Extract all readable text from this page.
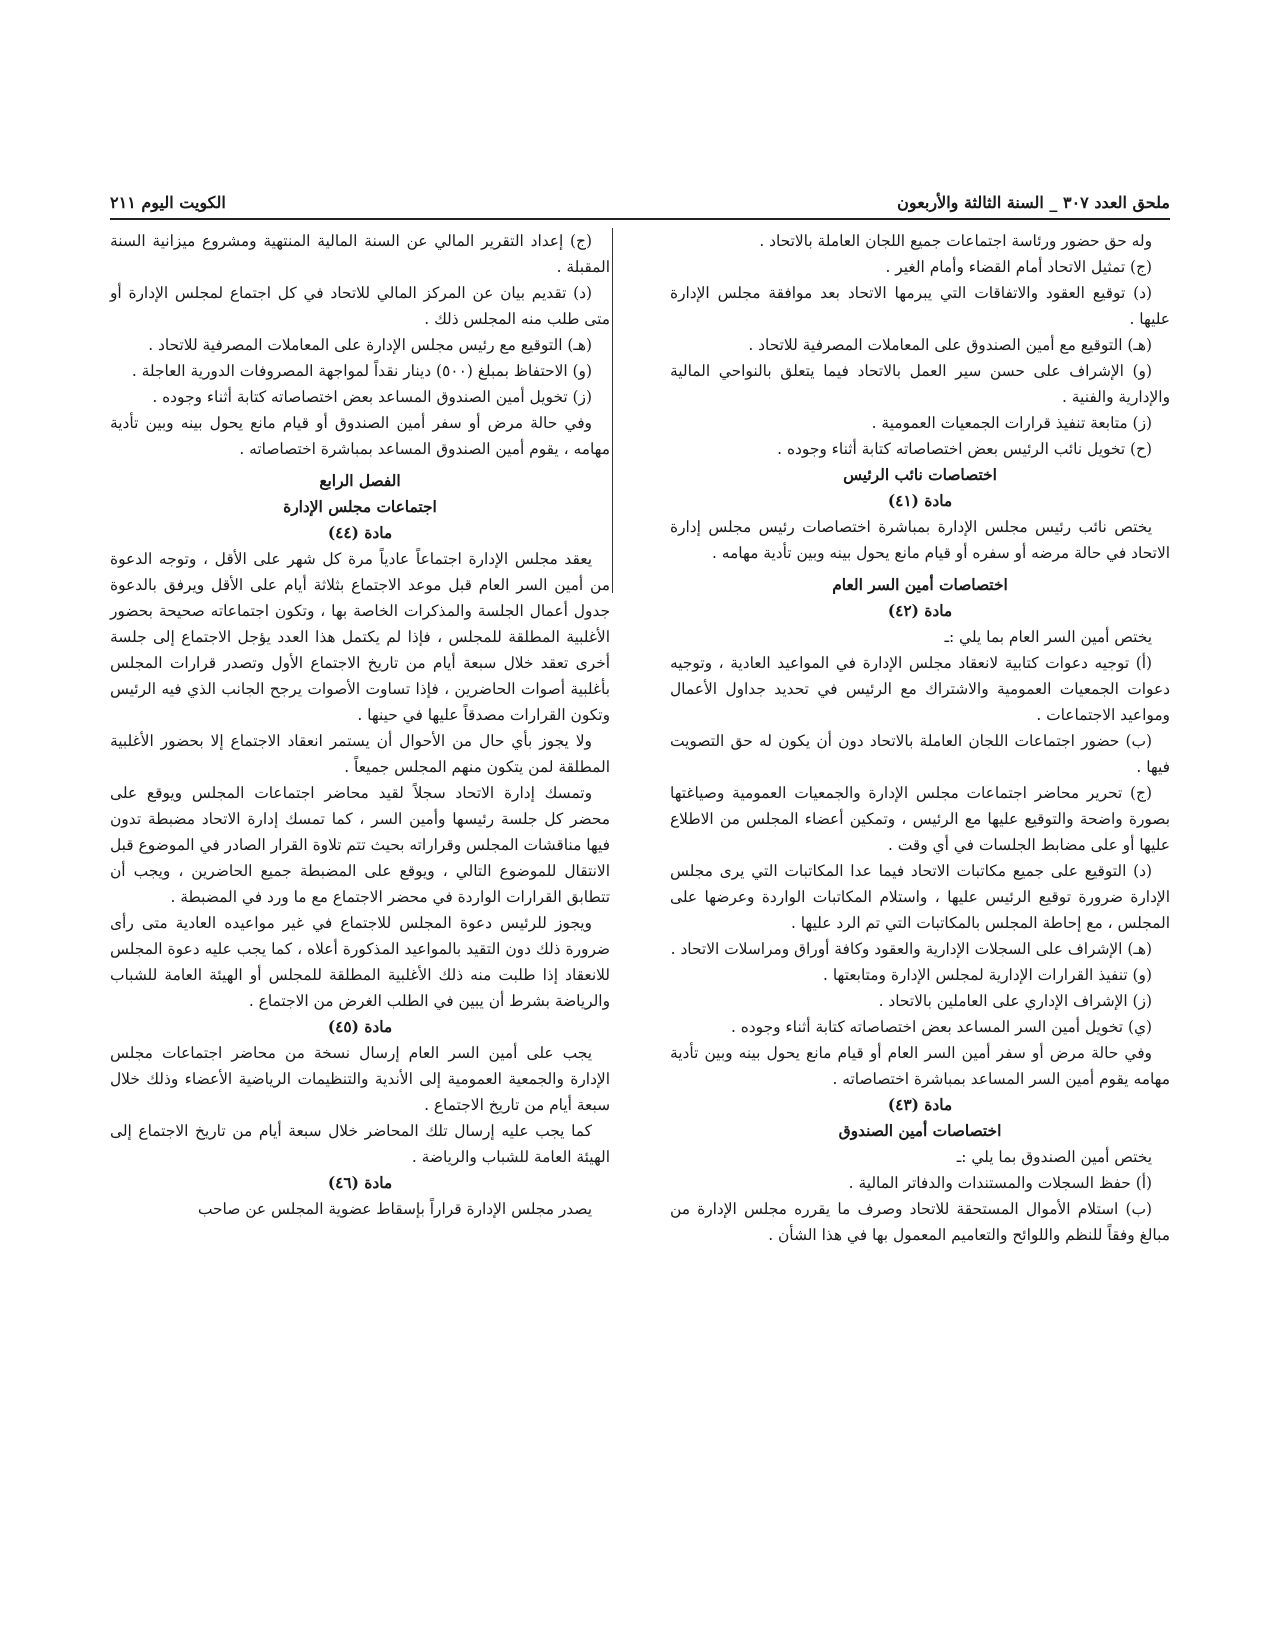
ملحق العدد ٣٠٧ _ السنة الثالثة والأربعون
الكويت اليوم ٢١١

وله حق حضور ورئاسة اجتماعات جميع اللجان العاملة بالاتحاد .

(ج) تمثيل الاتحاد أمام القضاء وأمام الغير .

(د) توقيع العقود والاتفاقات التي يبرمها الاتحاد بعد موافقة مجلس الإدارة عليها .

(هـ) التوقيع مع أمين الصندوق على المعاملات المصرفية للاتحاد .

(و) الإشراف على حسن سير العمل بالاتحاد فيما يتعلق بالنواحي المالية والإدارية والفنية .

(ز) متابعة تنفيذ قرارات الجمعيات العمومية .

(ح) تخويل نائب الرئيس بعض اختصاصاته كتابة أثناء وجوده .

اختصاصات نائب الرئيس

مادة (٤١)

يختص نائب رئيس مجلس الإدارة بمباشرة اختصاصات رئيس مجلس إدارة الاتحاد في حالة مرضه أو سفره أو قيام مانع يحول بينه وبين تأدية مهامه .

اختصاصات أمين السر العام

مادة (٤٢)

يختص أمين السر العام بما يلي :ـ

(أ) توجيه دعوات كتابية لانعقاد مجلس الإدارة في المواعيد العادية ، وتوجيه دعوات الجمعيات العمومية والاشتراك مع الرئيس في تحديد جداول الأعمال ومواعيد الاجتماعات .

(ب) حضور اجتماعات اللجان العاملة بالاتحاد دون أن يكون له حق التصويت فيها .

(ج) تحرير محاضر اجتماعات مجلس الإدارة والجمعيات العمومية وصياغتها بصورة واضحة والتوقيع عليها مع الرئيس ، وتمكين أعضاء المجلس من الاطلاع عليها أو على مضابط الجلسات في أي وقت .

(د) التوقيع على جميع مكاتبات الاتحاد فيما عدا المكاتبات التي يرى مجلس الإدارة ضرورة توقيع الرئيس عليها ، واستلام المكاتبات الواردة وعرضها على المجلس ، مع إحاطة المجلس بالمكاتبات التي تم الرد عليها .

(هـ) الإشراف على السجلات الإدارية والعقود وكافة أوراق ومراسلات الاتحاد .

(و) تنفيذ القرارات الإدارية لمجلس الإدارة ومتابعتها .

(ز) الإشراف الإداري على العاملين بالاتحاد .

(ي) تخويل أمين السر المساعد بعض اختصاصاته كتابة أثناء وجوده .

وفي حالة مرض أو سفر أمين السر العام أو قيام مانع يحول بينه وبين تأدية مهامه يقوم أمين السر المساعد بمباشرة اختصاصاته .

مادة (٤٣)

اختصاصات أمين الصندوق

يختص أمين الصندوق بما يلي :ـ

(أ) حفظ السجلات والمستندات والدفاتر المالية .

(ب) استلام الأموال المستحقة للاتحاد وصرف ما يقرره مجلس الإدارة من مبالغ وفقاً للنظم واللوائح والتعاميم المعمول بها في هذا الشأن .

(ج) إعداد التقرير المالي عن السنة المالية المنتهية ومشروع ميزانية السنة المقبلة .

(د) تقديم بيان عن المركز المالي للاتحاد في كل اجتماع لمجلس الإدارة أو متى طلب منه المجلس ذلك .

(هـ) التوقيع مع رئيس مجلس الإدارة على المعاملات المصرفية للاتحاد .

(و) الاحتفاظ بمبلغ (٥٠٠) دينار نقداً لمواجهة المصروفات الدورية العاجلة .

(ز) تخويل أمين الصندوق المساعد بعض اختصاصاته كتابة أثناء وجوده .

وفي حالة مرض أو سفر أمين الصندوق أو قيام مانع يحول بينه وبين تأدية مهامه ، يقوم أمين الصندوق المساعد بمباشرة اختصاصاته .

الفصل الرابع

اجتماعات مجلس الإدارة

مادة (٤٤)

يعقد مجلس الإدارة اجتماعاً عادياً مرة كل شهر على الأقل ، وتوجه الدعوة من أمين السر العام قبل موعد الاجتماع بثلاثة أيام على الأقل ويرفق بالدعوة جدول أعمال الجلسة والمذكرات الخاصة بها ، وتكون اجتماعاته صحيحة بحضور الأغلبية المطلقة للمجلس ، فإذا لم يكتمل هذا العدد يؤجل الاجتماع إلى جلسة أخرى تعقد خلال سبعة أيام من تاريخ الاجتماع الأول وتصدر قرارات المجلس بأغلبية أصوات الحاضرين ، فإذا تساوت الأصوات يرجح الجانب الذي فيه الرئيس وتكون القرارات مصدقاً عليها في حينها .

ولا يجوز بأي حال من الأحوال أن يستمر انعقاد الاجتماع إلا بحضور الأغلبية المطلقة لمن يتكون منهم المجلس جميعاً .

وتمسك إدارة الاتحاد سجلاً لقيد محاضر اجتماعات المجلس ويوقع على محضر كل جلسة رئيسها وأمين السر ، كما تمسك إدارة الاتحاد مضبطة تدون فيها مناقشات المجلس وقراراته بحيث تتم تلاوة القرار الصادر في الموضوع قبل الانتقال للموضوع التالي ، ويوقع على المضبطة جميع الحاضرين ، ويجب أن تتطابق القرارات الواردة في محضر الاجتماع مع ما ورد في المضبطة .

ويجوز للرئيس دعوة المجلس للاجتماع في غير مواعيده العادية متى رأى ضرورة ذلك دون التقيد بالمواعيد المذكورة أعلاه ، كما يجب عليه دعوة المجلس للانعقاد إذا طلبت منه ذلك الأغلبية المطلقة للمجلس أو الهيئة العامة للشباب والرياضة بشرط أن يبين في الطلب الغرض من الاجتماع .

مادة (٤٥)

يجب على أمين السر العام إرسال نسخة من محاضر اجتماعات مجلس الإدارة والجمعية العمومية إلى الأندية والتنظيمات الرياضية الأعضاء وذلك خلال سبعة أيام من تاريخ الاجتماع .

كما يجب عليه إرسال تلك المحاضر خلال سبعة أيام من تاريخ الاجتماع إلى الهيئة العامة للشباب والرياضة .

مادة (٤٦)

يصدر مجلس الإدارة قراراً بإسقاط عضوية المجلس عن صاحب
